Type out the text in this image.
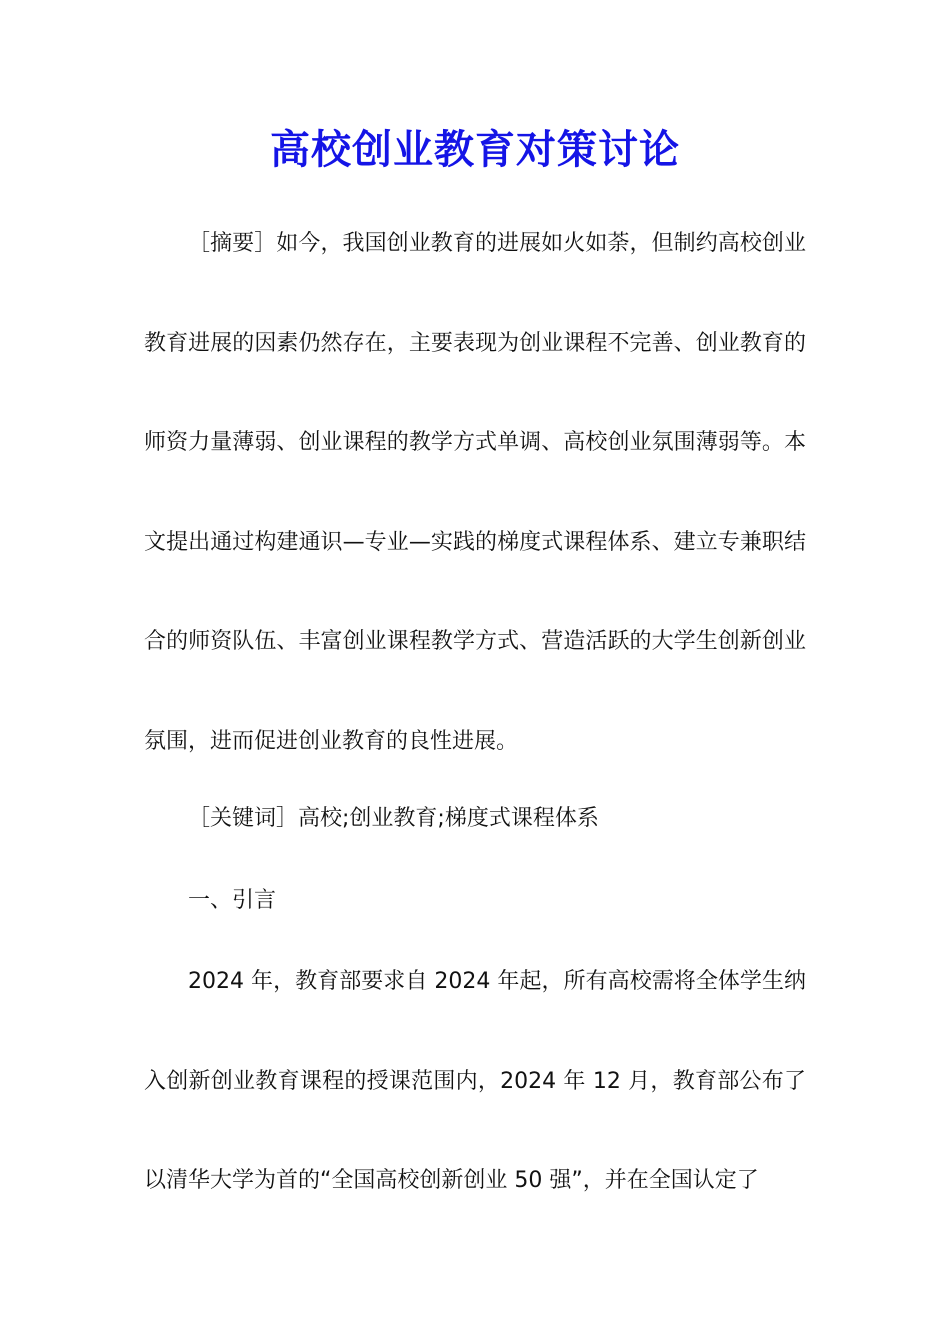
高校创业教育对策讨论

［摘要］如今，我国创业教育的进展如火如荼，但制约高校创业教育进展的因素仍然存在，主要表现为创业课程不完善、创业教育的师资力量薄弱、创业课程的教学方式单调、高校创业氛围薄弱等。本文提出通过构建通识—专业—实践的梯度式课程体系、建立专兼职结合的师资队伍、丰富创业课程教学方式、营造活跃的大学生创新创业氛围，进而促进创业教育的良性进展。

［关键词］高校;创业教育;梯度式课程体系

一、引言

2024 年，教育部要求自 2024 年起，所有高校需将全体学生纳入创新创业教育课程的授课范围内，2024 年 12 月，教育部公布了以清华大学为首的“全国高校创新创业 50 强”，并在全国认定了
